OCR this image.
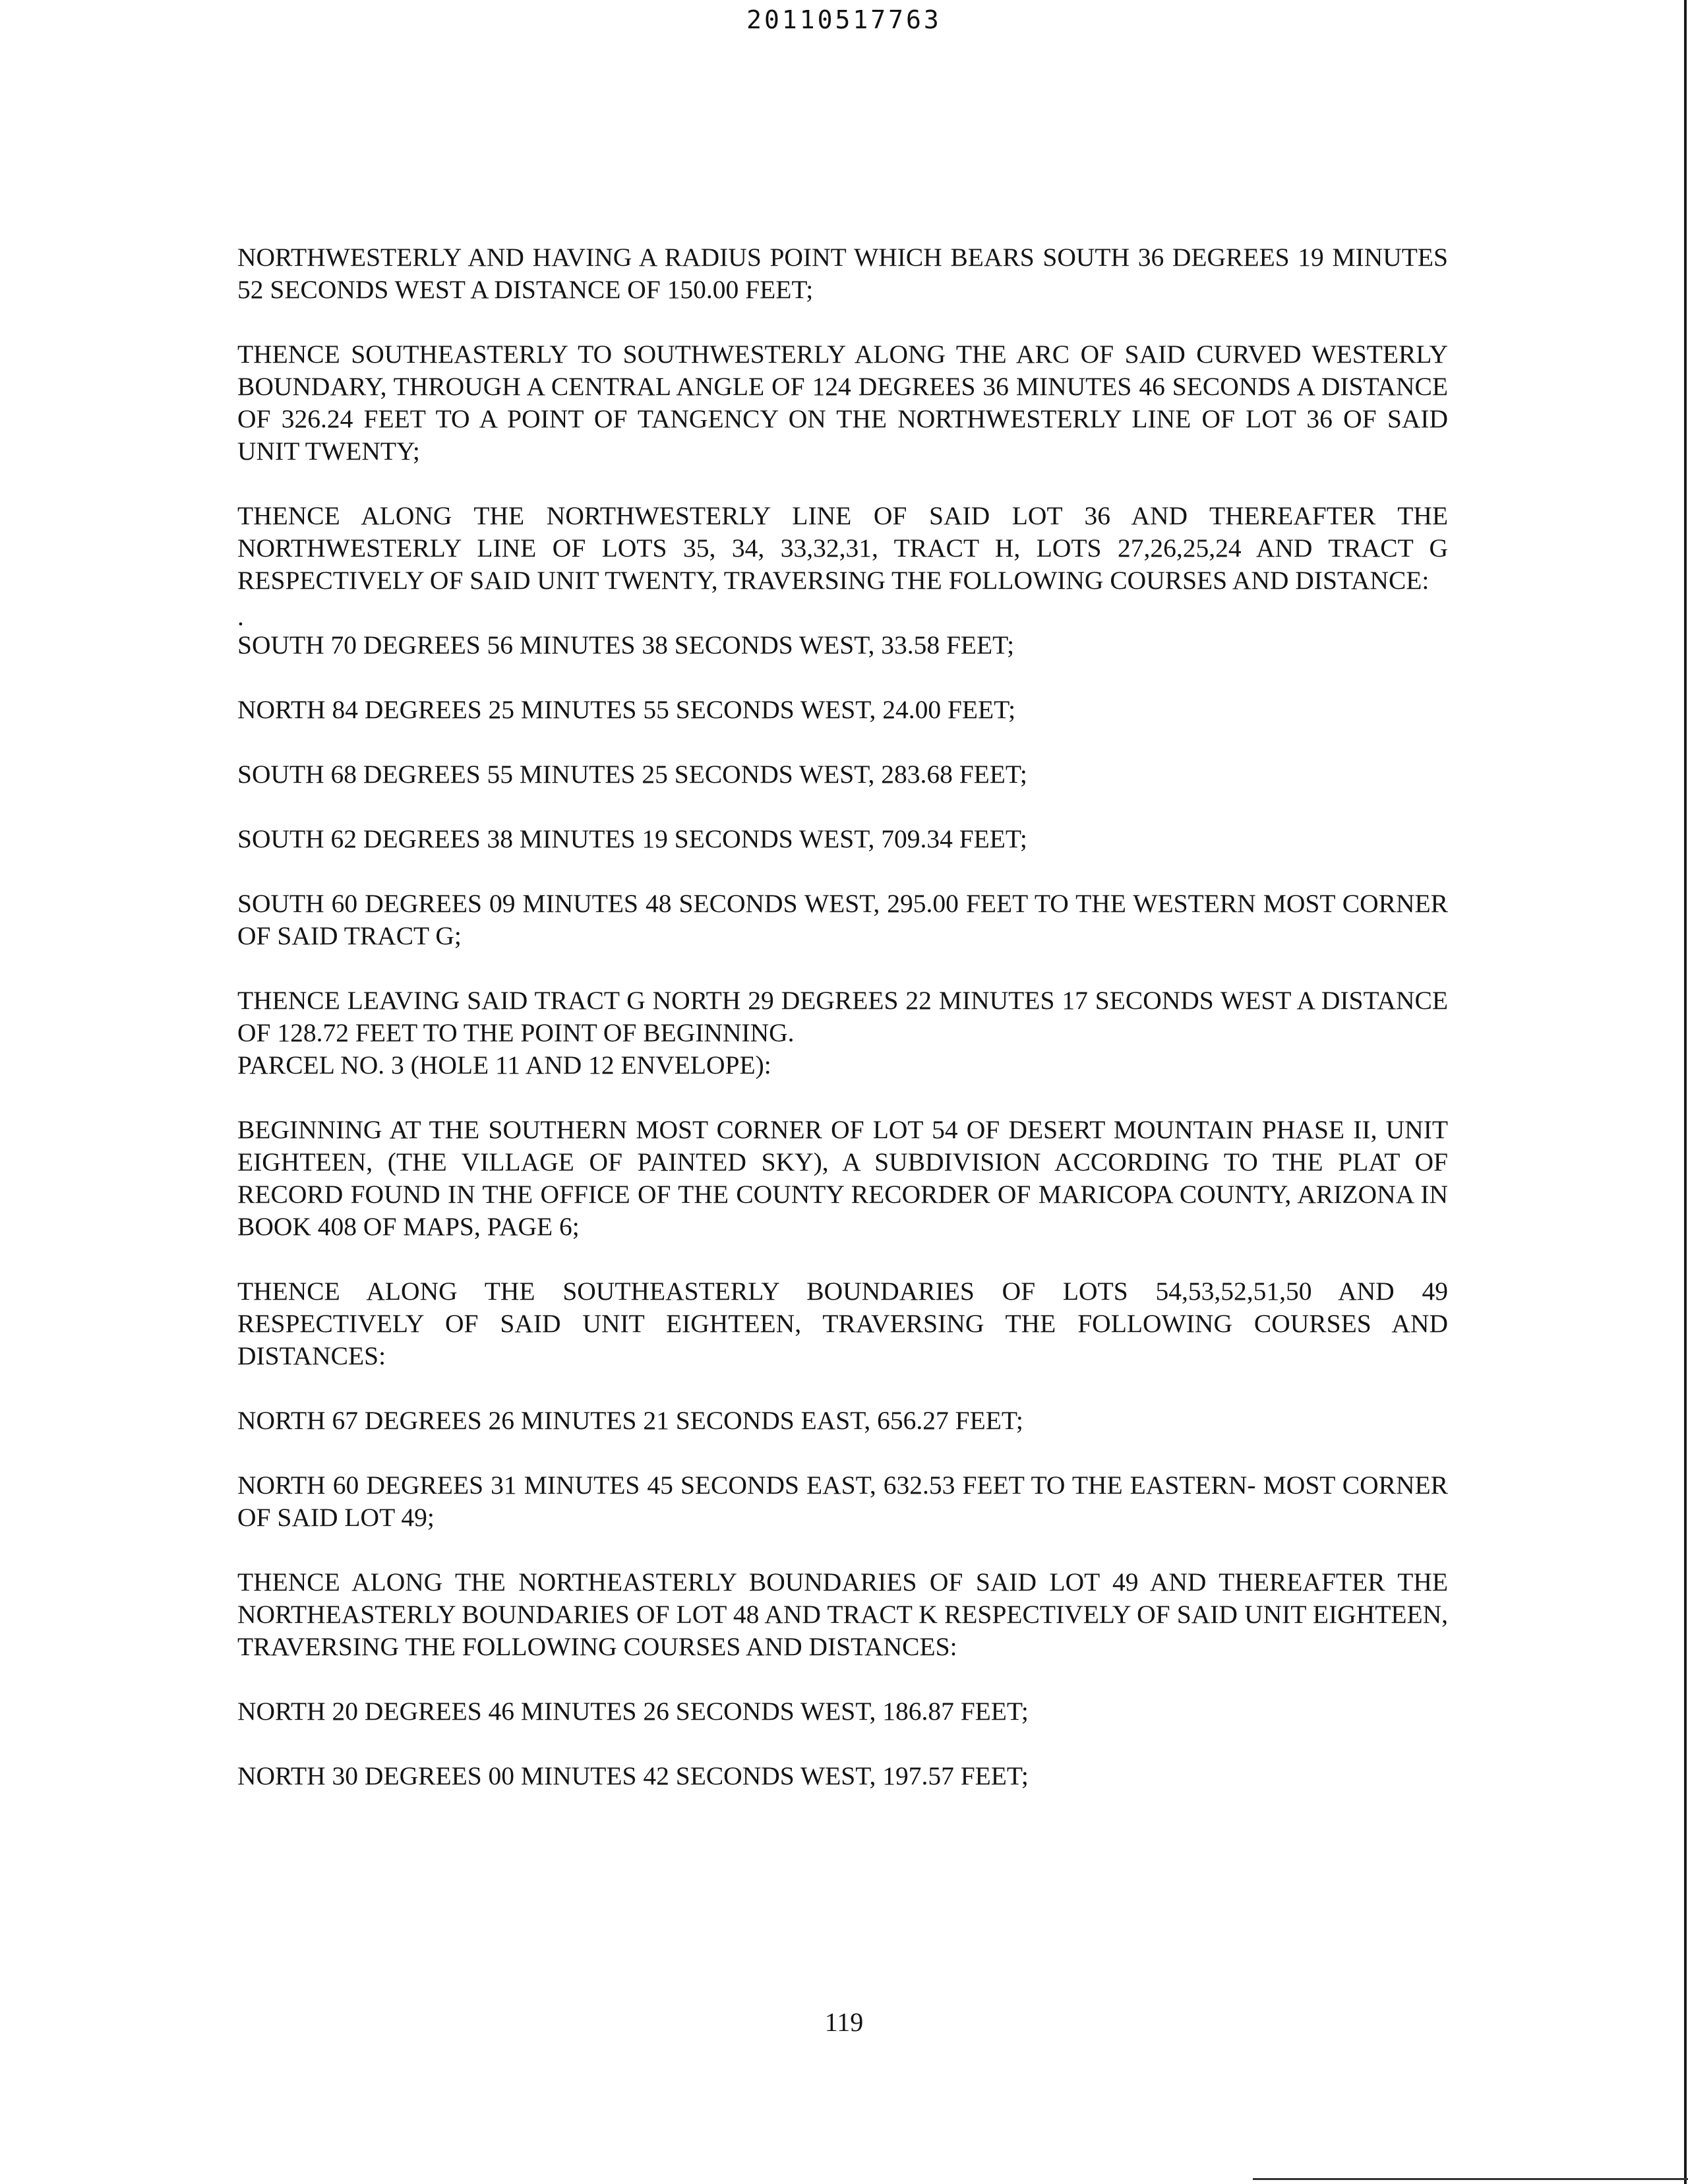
20110517763

NORTHWESTERLY AND HAVING A RADIUS POINT WHICH BEARS SOUTH 36 DEGREES 19 MINUTES 52 SECONDS WEST A DISTANCE OF 150.00 FEET;

THENCE SOUTHEASTERLY TO SOUTHWESTERLY ALONG THE ARC OF SAID CURVED WESTERLY BOUNDARY, THROUGH A CENTRAL ANGLE OF 124 DEGREES 36 MINUTES 46 SECONDS A DISTANCE OF 326.24 FEET TO A POINT OF TANGENCY ON THE NORTHWESTERLY LINE OF LOT 36 OF SAID UNIT TWENTY;

THENCE ALONG THE NORTHWESTERLY LINE OF SAID LOT 36 AND THEREAFTER THE NORTHWESTERLY LINE OF LOTS 35, 34, 33,32,31, TRACT H, LOTS 27,26,25,24 AND TRACT G RESPECTIVELY OF SAID UNIT TWENTY, TRAVERSING THE FOLLOWING COURSES AND DISTANCE:

.

SOUTH 70 DEGREES 56 MINUTES 38 SECONDS WEST, 33.58 FEET;

NORTH 84 DEGREES 25 MINUTES 55 SECONDS WEST, 24.00 FEET;

SOUTH 68 DEGREES 55 MINUTES 25 SECONDS WEST, 283.68 FEET;

SOUTH 62 DEGREES 38 MINUTES 19 SECONDS WEST, 709.34 FEET;

SOUTH 60 DEGREES 09 MINUTES 48 SECONDS WEST, 295.00 FEET TO THE WESTERN MOST CORNER OF SAID TRACT G;

THENCE LEAVING SAID TRACT G NORTH 29 DEGREES 22 MINUTES 17 SECONDS WEST A DISTANCE OF 128.72 FEET TO THE POINT OF BEGINNING.

PARCEL NO. 3 (HOLE 11 AND 12 ENVELOPE):

BEGINNING AT THE SOUTHERN MOST CORNER OF LOT 54 OF DESERT MOUNTAIN PHASE II, UNIT EIGHTEEN, (THE VILLAGE OF PAINTED SKY), A SUBDIVISION ACCORDING TO THE PLAT OF RECORD FOUND IN THE OFFICE OF THE COUNTY RECORDER OF MARICOPA COUNTY, ARIZONA IN BOOK 408 OF MAPS, PAGE 6;

THENCE ALONG THE SOUTHEASTERLY BOUNDARIES OF LOTS 54,53,52,51,50 AND 49 RESPECTIVELY OF SAID UNIT EIGHTEEN, TRAVERSING THE FOLLOWING COURSES AND DISTANCES:

NORTH 67 DEGREES 26 MINUTES 21 SECONDS EAST, 656.27 FEET;

NORTH 60 DEGREES 31 MINUTES 45 SECONDS EAST, 632.53 FEET TO THE EASTERN- MOST CORNER OF SAID LOT 49;

THENCE ALONG THE NORTHEASTERLY BOUNDARIES OF SAID LOT 49 AND THEREAFTER THE NORTHEASTERLY BOUNDARIES OF LOT 48 AND TRACT K RESPECTIVELY OF SAID UNIT EIGHTEEN, TRAVERSING THE FOLLOWING COURSES AND DISTANCES:

NORTH 20 DEGREES 46 MINUTES 26 SECONDS WEST, 186.87 FEET;

NORTH 30 DEGREES 00 MINUTES 42 SECONDS WEST, 197.57 FEET;

119
